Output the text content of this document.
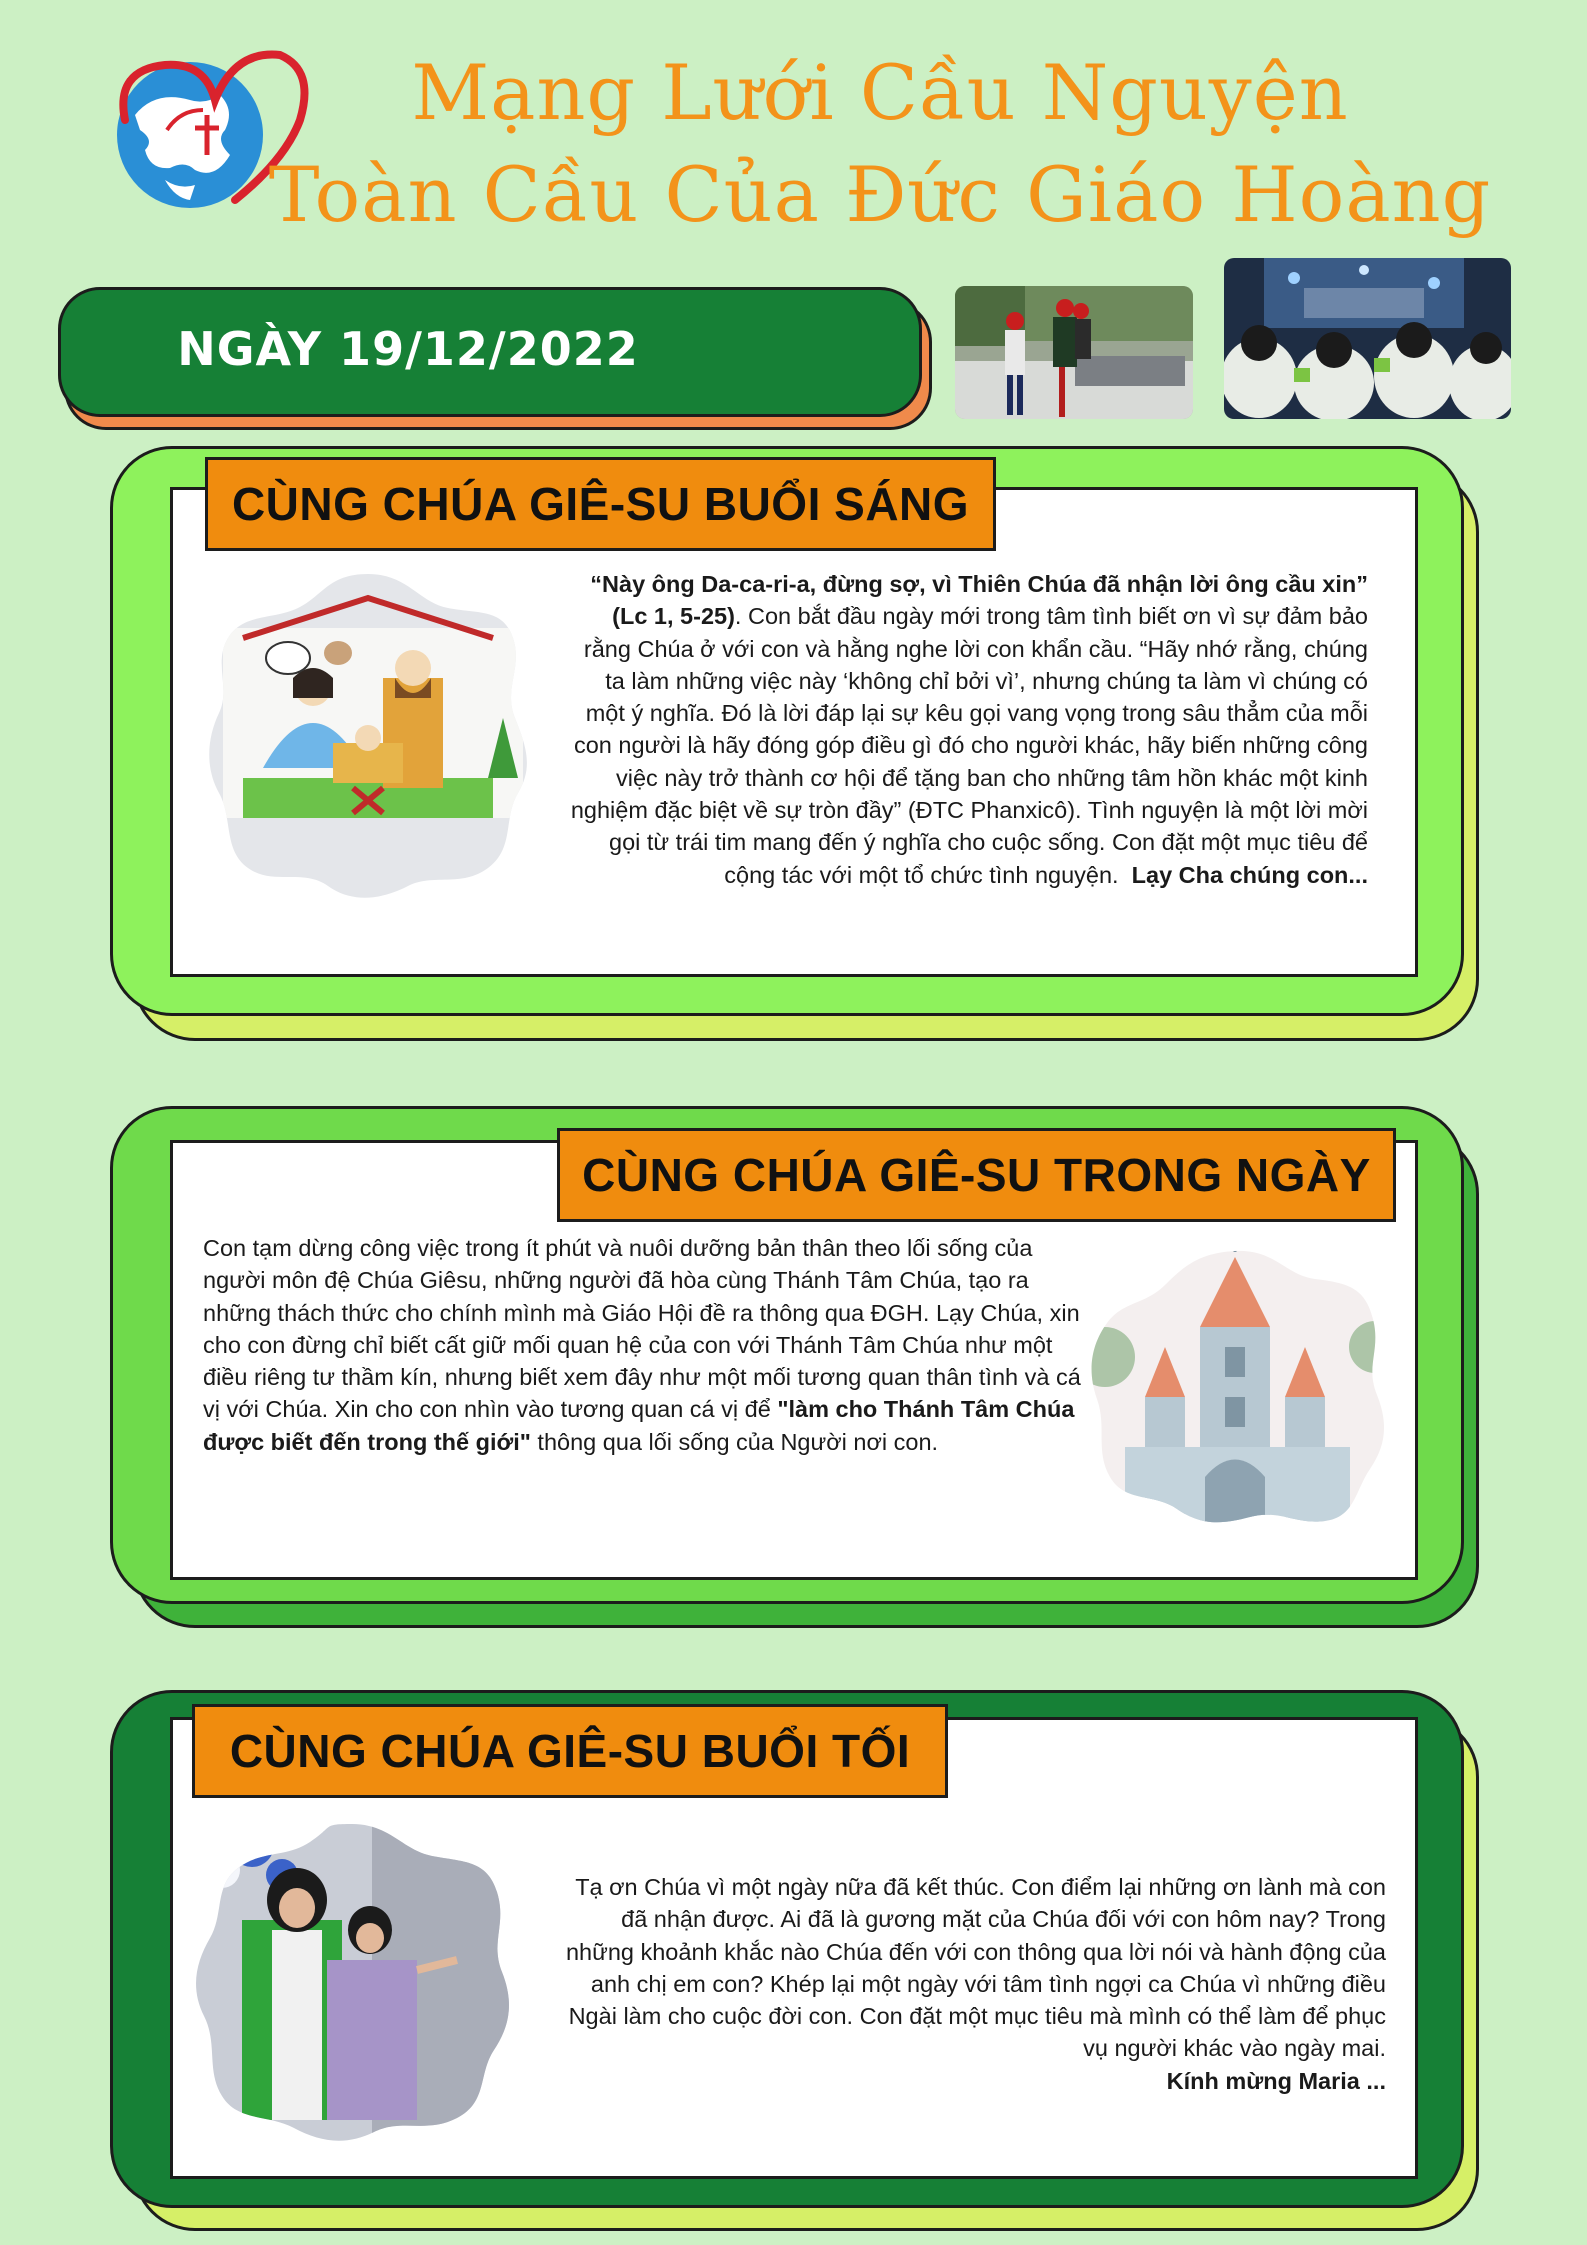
Mạng Lưới Cầu Nguyện
Toàn Cầu Của Đức Giáo Hoàng
NGÀY 19/12/2022
CÙNG CHÚA GIÊ-SU BUỔI SÁNG
“Này ông Da-ca-ri-a, đừng sợ, vì Thiên Chúa đã nhận lời ông cầu xin” (Lc 1, 5-25). Con bắt đầu ngày mới trong tâm tình biết ơn vì sự đảm bảo rằng Chúa ở với con và hằng nghe lời con khẩn cầu. “Hãy nhớ rằng, chúng ta làm những việc này ‘không chỉ bởi vì’, nhưng chúng ta làm vì chúng có một ý nghĩa. Đó là lời đáp lại sự kêu gọi vang vọng trong sâu thẳm của mỗi con người là hãy đóng góp điều gì đó cho người khác, hãy biến những công việc này trở thành cơ hội để tặng ban cho những tâm hồn khác một kinh nghiệm đặc biệt về sự tròn đầy” (ĐTC Phanxicô). Tình nguyện là một lời mời gọi từ trái tim mang đến ý nghĩa cho cuộc sống. Con đặt một mục tiêu để cộng tác với một tổ chức tình nguyện. Lạy Cha chúng con...
CÙNG CHÚA GIÊ-SU TRONG NGÀY
Con tạm dừng công việc trong ít phút và nuôi dưỡng bản thân theo lối sống của người môn đệ Chúa Giêsu, những người đã hòa cùng Thánh Tâm Chúa, tạo ra những thách thức cho chính mình mà Giáo Hội đề ra thông qua ĐGH. Lạy Chúa, xin cho con đừng chỉ biết cất giữ mối quan hệ của con với Thánh Tâm Chúa như một điều riêng tư thầm kín, nhưng biết xem đây như một mối tương quan thân tình và cá vị với Chúa. Xin cho con nhìn vào tương quan cá vị để "làm cho Thánh Tâm Chúa được biết đến trong thế giới" thông qua lối sống của Người nơi con.
CÙNG CHÚA GIÊ-SU BUỔI TỐI
Tạ ơn Chúa vì một ngày nữa đã kết thúc. Con điểm lại những ơn lành mà con đã nhận được. Ai đã là gương mặt của Chúa đối với con hôm nay? Trong những khoảnh khắc nào Chúa đến với con thông qua lời nói và hành động của anh chị em con? Khép lại một ngày với tâm tình ngợi ca Chúa vì những điều Ngài làm cho cuộc đời con. Con đặt một mục tiêu mà mình có thể làm để phục vụ người khác vào ngày mai.
Kính mừng Maria ...
